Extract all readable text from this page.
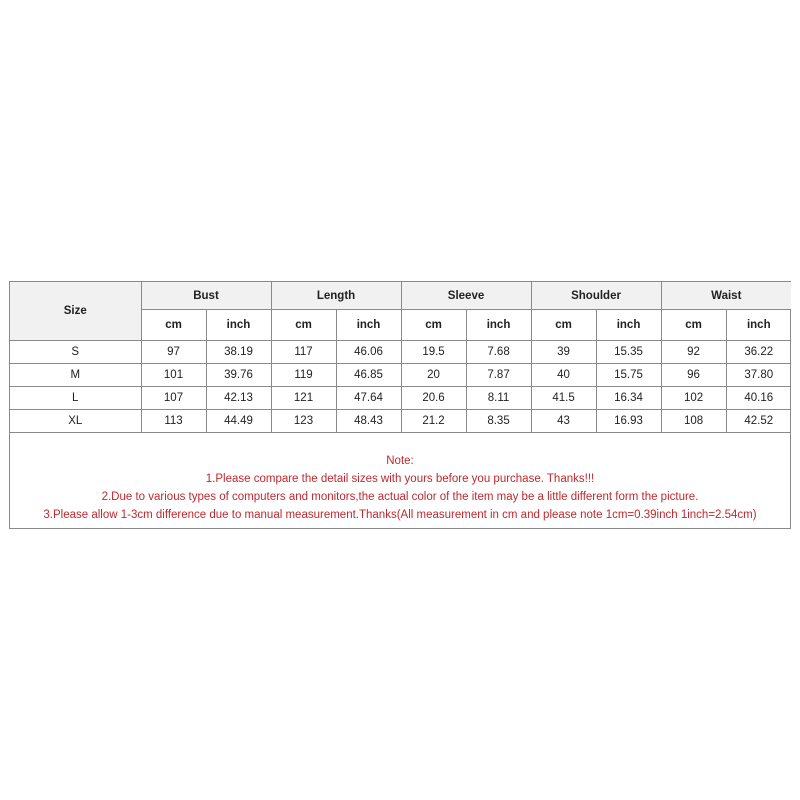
Size	Bust		Length		Sleeve		Shoulder		Waist	
	cm	inch	cm	inch	cm	inch	cm	inch	cm	inch
S	97	38.19	117	46.06	19.5	7.68	39	15.35	92	36.22
M	101	39.76	119	46.85	20	7.87	40	15.75	96	37.80
L	107	42.13	121	47.64	20.6	8.11	41.5	16.34	102	40.16
XL	113	44.49	123	48.43	21.2	8.35	43	16.93	108	42.52
Note:
1.Please compare the detail sizes with yours before you purchase. Thanks!!!
2.Due to various types of computers and monitors,the actual color of the item may be a little different form the picture.
3.Please allow 1-3cm difference due to manual measurement.Thanks(All measurement in cm and please note 1cm=0.39inch 1inch=2.54cm)
